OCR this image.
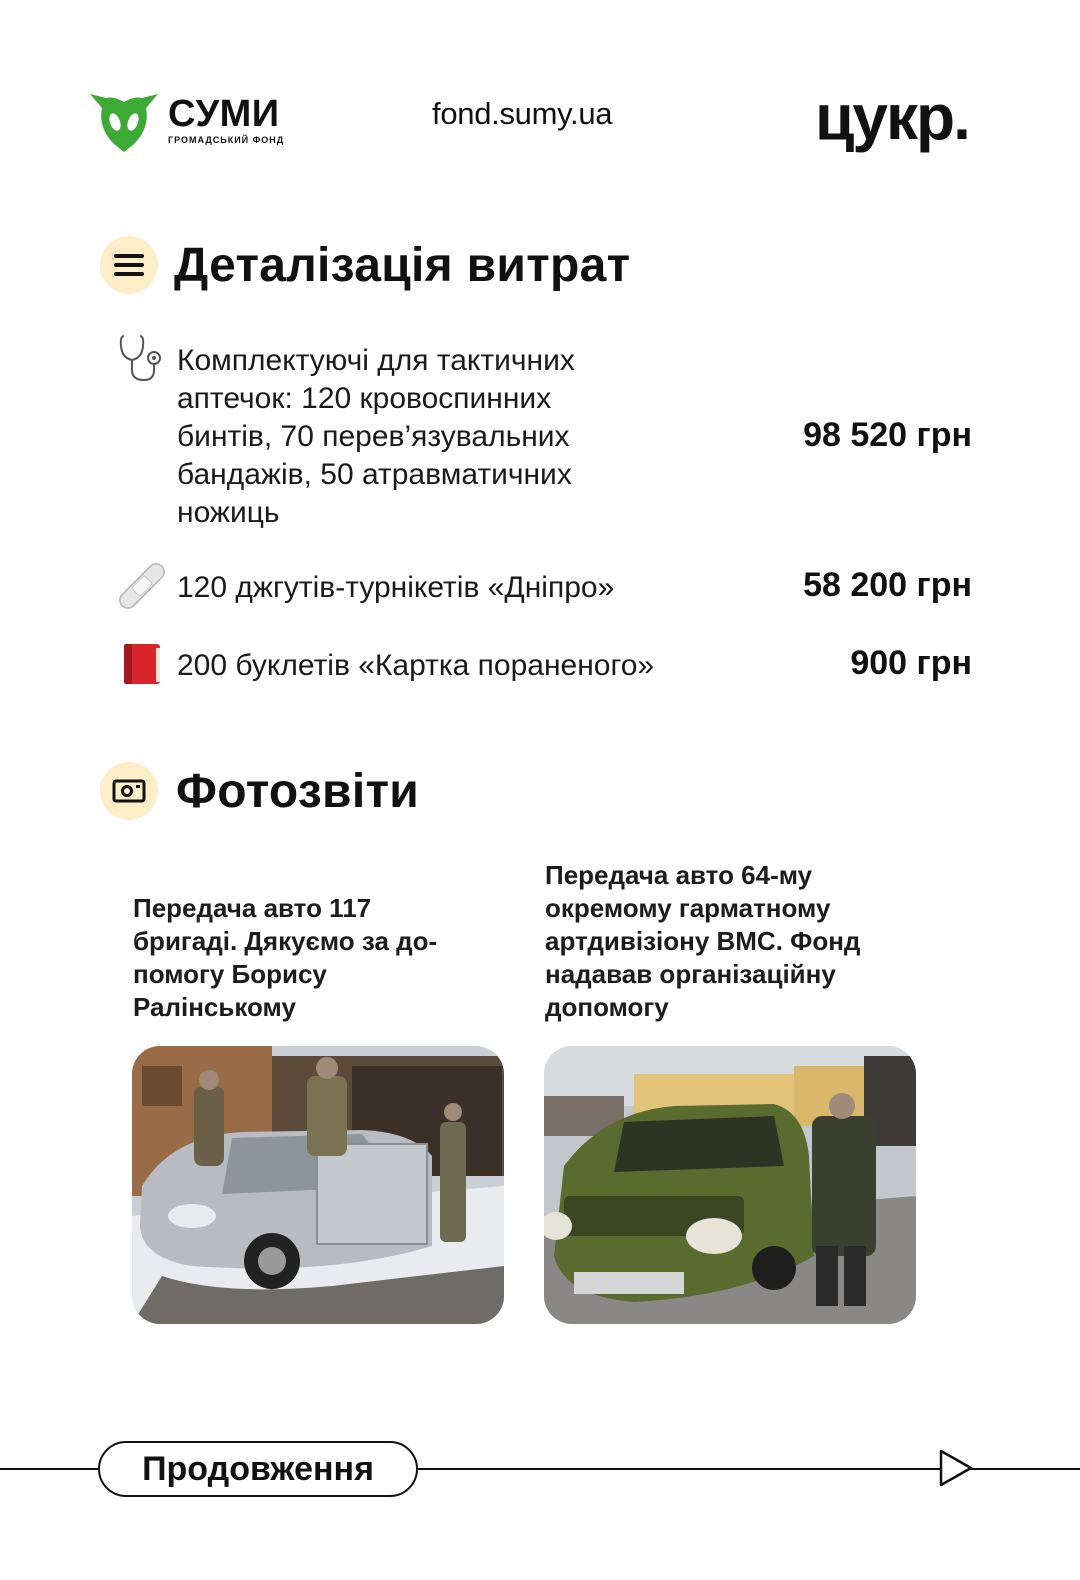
СУМИ
ГРОМАДСЬКИЙ ФОНД
fond.sumy.ua	цукр.
Деталізація витрат
Комплектуючі для тактичних
аптечок: 120 кровоспинних
бинтів, 70 перев’язувальних
бандажів, 50 атравматичних
ножиць
98 520 грн
120 джгутів-турнікетів «Дніпро»	58 200 грн
200 буклетів «Картка пораненого»	900 грн
Фотозвіти
Передача авто 117
бригаді. Дякуємо за до-
помогу Борису
Ралінському
Передача авто 64-му
окремому гарматному
артдивізіону ВМС. Фонд
надавав організаційну
допомогу
Продовження
